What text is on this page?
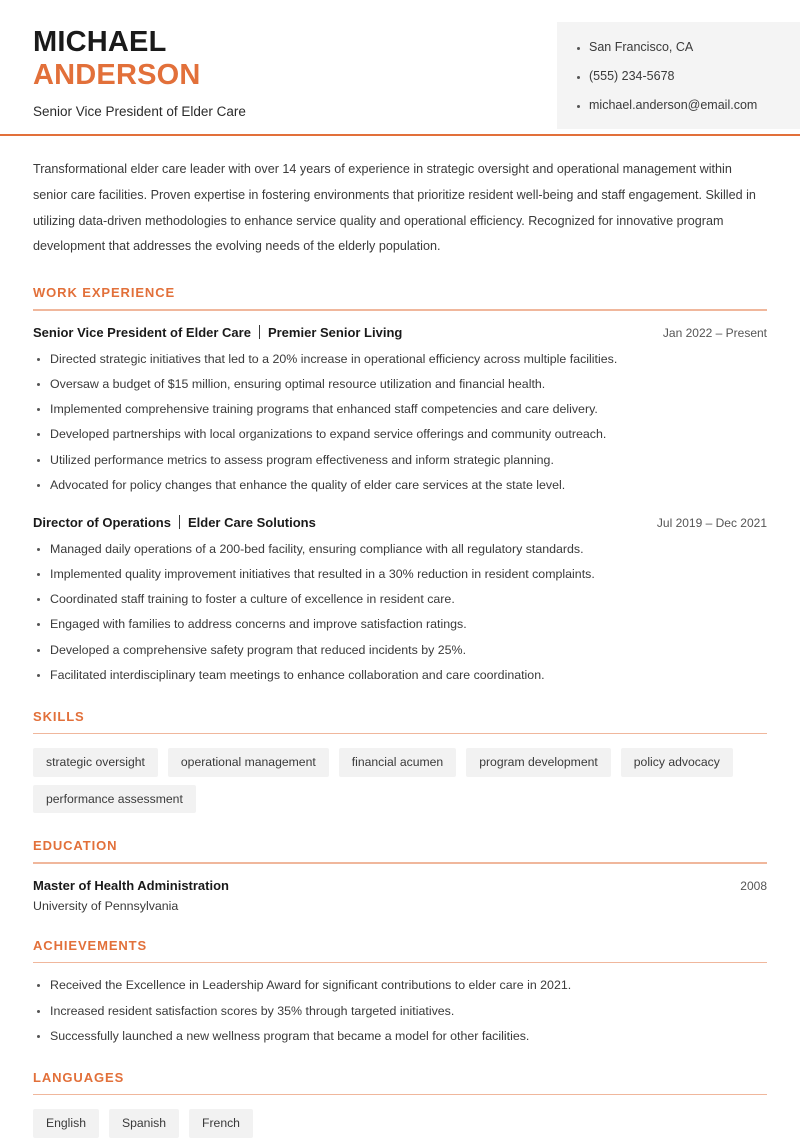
MICHAEL
ANDERSON
Senior Vice President of Elder Care
San Francisco, CA
(555) 234-5678
michael.anderson@email.com

Transformational elder care leader with over 14 years of experience in strategic oversight and operational management within senior care facilities. Proven expertise in fostering environments that prioritize resident well-being and staff engagement. Skilled in utilizing data-driven methodologies to enhance service quality and operational efficiency. Recognized for innovative program development that addresses the evolving needs of the elderly population.

WORK EXPERIENCE
Senior Vice President of Elder Care Premier Senior Living	Jan 2022 – Present
Directed strategic initiatives that led to a 20% increase in operational efficiency across multiple facilities.
Oversaw a budget of $15 million, ensuring optimal resource utilization and financial health.
Implemented comprehensive training programs that enhanced staff competencies and care delivery.
Developed partnerships with local organizations to expand service offerings and community outreach.
Utilized performance metrics to assess program effectiveness and inform strategic planning.
Advocated for policy changes that enhance the quality of elder care services at the state level.
Director of Operations Elder Care Solutions	Jul 2019 – Dec 2021
Managed daily operations of a 200-bed facility, ensuring compliance with all regulatory standards.
Implemented quality improvement initiatives that resulted in a 30% reduction in resident complaints.
Coordinated staff training to foster a culture of excellence in resident care.
Engaged with families to address concerns and improve satisfaction ratings.
Developed a comprehensive safety program that reduced incidents by 25%.
Facilitated interdisciplinary team meetings to enhance collaboration and care coordination.
SKILLS
strategic oversight	operational management	financial acumen	program development	policy advocacy
performance assessment
EDUCATION
Master of Health Administration	2008
University of Pennsylvania
ACHIEVEMENTS
Received the Excellence in Leadership Award for significant contributions to elder care in 2021.
Increased resident satisfaction scores by 35% through targeted initiatives.
Successfully launched a new wellness program that became a model for other facilities.
LANGUAGES
English	Spanish	French
